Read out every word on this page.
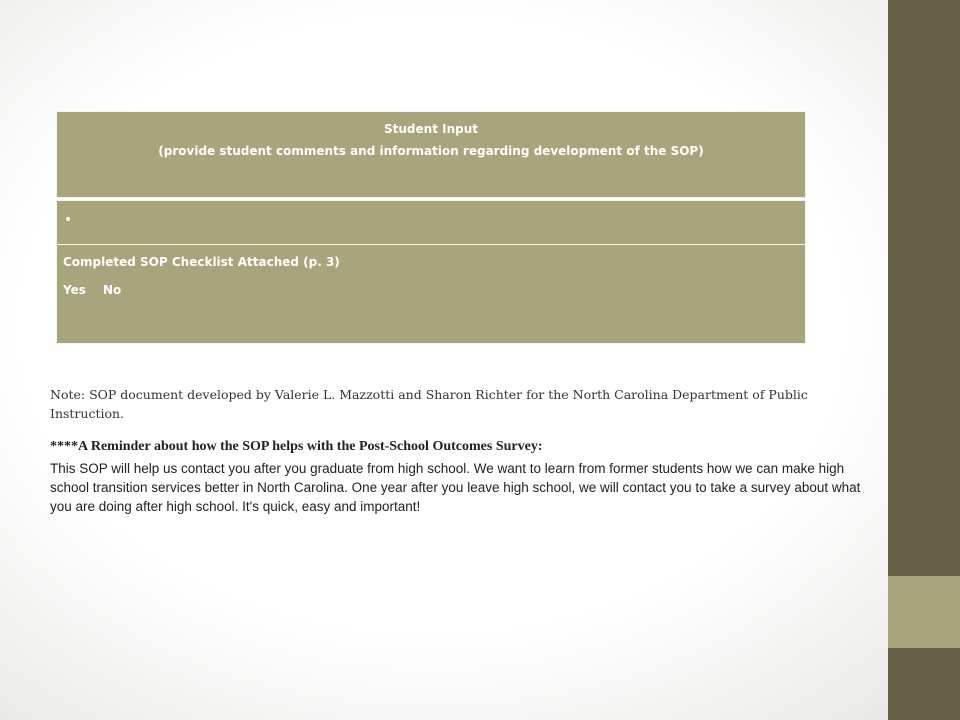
Student Input
(provide student comments and information regarding development of the SOP)
•
Completed SOP Checklist Attached (p. 3)
Yes No
Note: SOP document developed by Valerie L. Mazzotti and Sharon Richter for the North Carolina Department of Public Instruction.
****A Reminder about how the SOP helps with the Post-School Outcomes Survey:
This SOP will help us contact you after you graduate from high school. We want to learn from former students how we can make high school transition services better in North Carolina. One year after you leave high school, we will contact you to take a survey about what you are doing after high school. It's quick, easy and important!
